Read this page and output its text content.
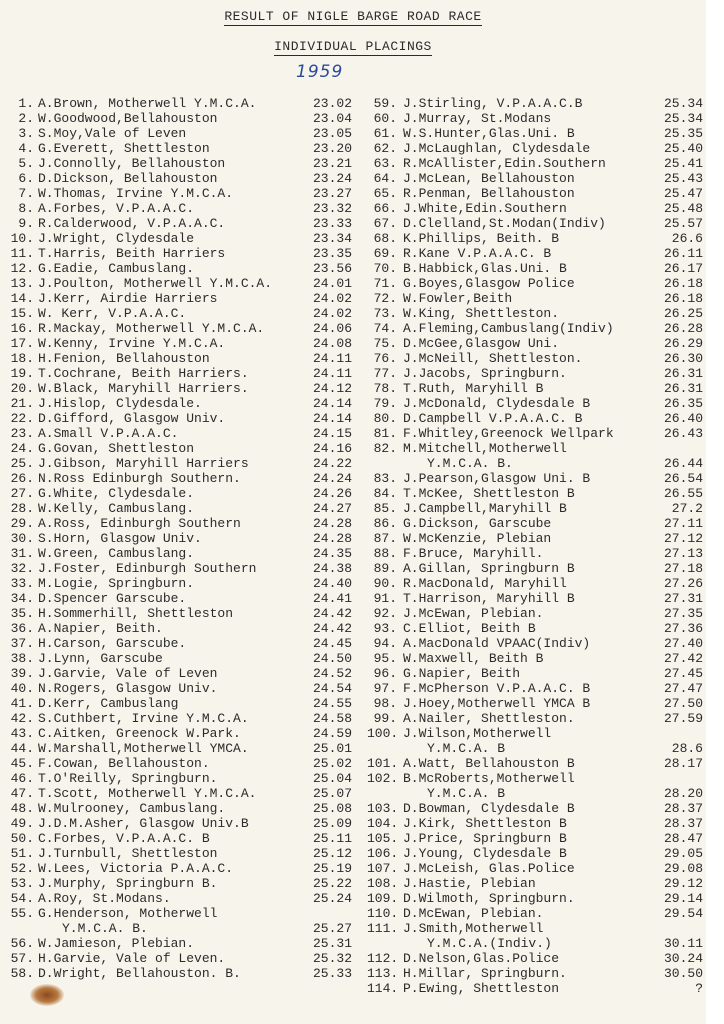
RESULT OF NIGLE BARGE ROAD RACE
INDIVIDUAL PLACINGS
1959
1. A.Brown, Motherwell Y.M.C.A.	23.02
2. W.Goodwood,Bellahouston	23.04
3. S.Moy,Vale of Leven	23.05
4. G.Everett, Shettleston	23.20
5. J.Connolly, Bellahouston	23.21
6. D.Dickson, Bellahouston	23.24
7. W.Thomas, Irvine Y.M.C.A.	23.27
8. A.Forbes, V.P.A.A.C.	23.32
9. R.Calderwood, V.P.A.A.C.	23.33
10. J.Wright, Clydesdale	23.34
11. T.Harris, Beith Harriers	23.35
12. G.Eadie, Cambuslang.	23.56
13. J.Poulton, Motherwell Y.M.C.A.	24.01
14. J.Kerr, Airdie Harriers	24.02
15. W. Kerr, V.P.A.A.C.	24.02
16. R.Mackay, Motherwell Y.M.C.A.	24.06
17. W.Kenny, Irvine Y.M.C.A.	24.08
18. H.Fenion, Bellahouston	24.11
19. T.Cochrane, Beith Harriers.	24.11
20. W.Black, Maryhill Harriers.	24.12
21. J.Hislop, Clydesdale.	24.14
22. D.Gifford, Glasgow Univ.	24.14
23. A.Small V.P.A.A.C.	24.15
24. G.Govan, Shettleston	24.16
25. J.Gibson, Maryhill Harriers	24.22
26. N.Ross Edinburgh Southern.	24.24
27. G.White, Clydesdale.	24.26
28. W.Kelly, Cambuslang.	24.27
29. A.Ross, Edinburgh Southern	24.28
30. S.Horn, Glasgow Univ.	24.28
31. W.Green, Cambuslang.	24.35
32. J.Foster, Edinburgh Southern	24.38
33. M.Logie, Springburn.	24.40
34. D.Spencer Garscube.	24.41
35. H.Sommerhill, Shettleston	24.42
36. A.Napier, Beith.	24.42
37. H.Carson, Garscube.	24.45
38. J.Lynn, Garscube	24.50
39. J.Garvie, Vale of Leven	24.52
40. N.Rogers, Glasgow Univ.	24.54
41. D.Kerr, Cambuslang	24.55
42. S.Cuthbert, Irvine Y.M.C.A.	24.58
43. C.Aitken, Greenock W.Park.	24.59
44. W.Marshall,Motherwell YMCA.	25.01
45. F.Cowan, Bellahouston.	25.02
46. T.O'Reilly, Springburn.	25.04
47. T.Scott, Motherwell Y.M.C.A.	25.07
48. W.Mulrooney, Cambuslang.	25.08
49. J.D.M.Asher, Glasgow Univ.B	25.09
50. C.Forbes, V.P.A.A.C. B	25.11
51. J.Turnbull, Shettleston	25.12
52. W.Lees, Victoria P.A.A.C.	25.19
53. J.Murphy, Springburn B.	25.22
54. A.Roy, St.Modans.	25.24
55. G.Henderson, Motherwell
Y.M.C.A. B.	25.27
56. W.Jamieson, Plebian.	25.31
57. H.Garvie, Vale of Leven.	25.32
58. D.Wright, Bellahouston. B.	25.33
59. J.Stirling, V.P.A.A.C.B	25.34
60. J.Murray, St.Modans	25.34
61. W.S.Hunter,Glas.Uni. B	25.35
62. J.McLaughlan, Clydesdale	25.40
63. R.McAllister,Edin.Southern	25.41
64. J.McLean, Bellahouston	25.43
65. R.Penman, Bellahouston	25.47
66. J.White,Edin.Southern	25.48
67. D.Clelland,St.Modan(Indiv)	25.57
68. K.Phillips, Beith. B	26.6
69. R.Kane V.P.A.A.C. B	26.11
70. B.Habbick,Glas.Uni. B	26.17
71. G.Boyes,Glasgow Police	26.18
72. W.Fowler,Beith	26.18
73. W.King, Shettleston.	26.25
74. A.Fleming,Cambuslang(Indiv)	26.28
75. D.McGee,Glasgow Uni.	26.29
76. J.McNeill, Shettleston.	26.30
77. J.Jacobs, Springburn.	26.31
78. T.Ruth, Maryhill B	26.31
79. J.McDonald, Clydesdale B	26.35
80. D.Campbell V.P.A.A.C. B	26.40
81. F.Whitley,Greenock Wellpark	26.43
82. M.Mitchell,Motherwell
Y.M.C.A. B.	26.44
83. J.Pearson,Glasgow Uni. B	26.54
84. T.McKee, Shettleston B	26.55
85. J.Campbell,Maryhill B	27.2
86. G.Dickson, Garscube	27.11
87. W.McKenzie, Plebian	27.12
88. F.Bruce, Maryhill.	27.13
89. A.Gillan, Springburn B	27.18
90. R.MacDonald, Maryhill	27.26
91. T.Harrison, Maryhill B	27.31
92. J.McEwan, Plebian.	27.35
93. C.Elliot, Beith B	27.36
94. A.MacDonald VPAAC(Indiv)	27.40
95. W.Maxwell, Beith B	27.42
96. G.Napier, Beith	27.45
97. F.McPherson V.P.A.A.C. B	27.47
98. J.Hoey,Motherwell YMCA B	27.50
99. A.Nailer, Shettleston.	27.59
100. J.Wilson,Motherwell
Y.M.C.A. B	28.6
101. A.Watt, Bellahouston B	28.17
102. B.McRoberts,Motherwell
Y.M.C.A. B	28.20
103. D.Bowman, Clydesdale B	28.37
104. J.Kirk, Shettleston B	28.37
105. J.Price, Springburn B	28.47
106. J.Young, Clydesdale B	29.05
107. J.McLeish, Glas.Police	29.08
108. J.Hastie, Plebian	29.12
109. D.Wilmoth, Springburn.	29.14
110. D.McEwan, Plebian.	29.54
111. J.Smith,Motherwell
Y.M.C.A.(Indiv.)	30.11
112. D.Nelson,Glas.Police	30.24
113. H.Millar, Springburn.	30.50
114. P.Ewing, Shettleston	?
